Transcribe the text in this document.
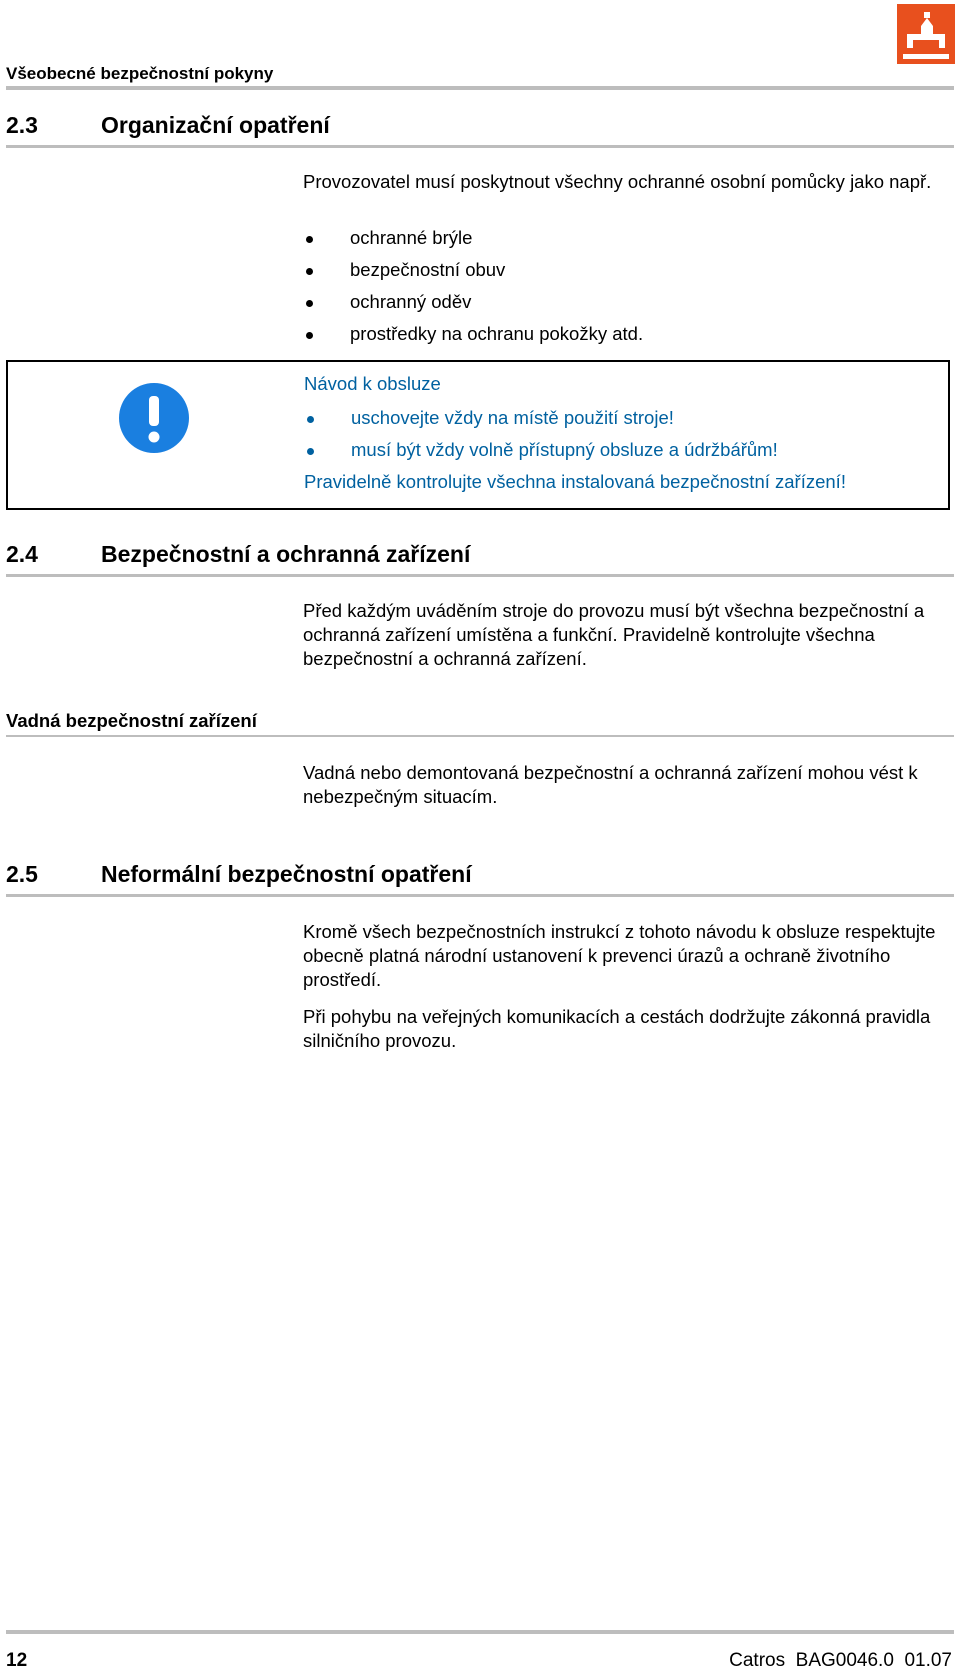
Všeobecné bezpečnostní pokyny
2.3	Organizační opatření

Provozovatel musí poskytnout všechny ochranné osobní pomůcky jako např.

ochranné brýle
bezpečnostní obuv
ochranný oděv
prostředky na ochranu pokožky atd.

Návod k obsluze

uschovejte vždy na místě použití stroje!
musí být vždy volně přístupný obsluze a údržbářům!

Pravidelně kontrolujte všechna instalovaná bezpečnostní zařízení!

2.4	Bezpečnostní a ochranná zařízení

Před každým uváděním stroje do provozu musí být všechna bezpečnostní a ochranná zařízení umístěna a funkční. Pravidelně kontrolujte všechna bezpečnostní a ochranná zařízení.

Vadná bezpečnostní zařízení

Vadná nebo demontovaná bezpečnostní a ochranná zařízení mohou vést k nebezpečným situacím.

2.5	Neformální bezpečnostní opatření

Kromě všech bezpečnostních instrukcí z tohoto návodu k obsluze respektujte obecně platná národní ustanovení k prevenci úrazů a ochraně životního prostředí.

Při pohybu na veřejných komunikacích a cestách dodržujte zákonná pravidla silničního provozu.

12	Catros  BAG0046.0  01.07
